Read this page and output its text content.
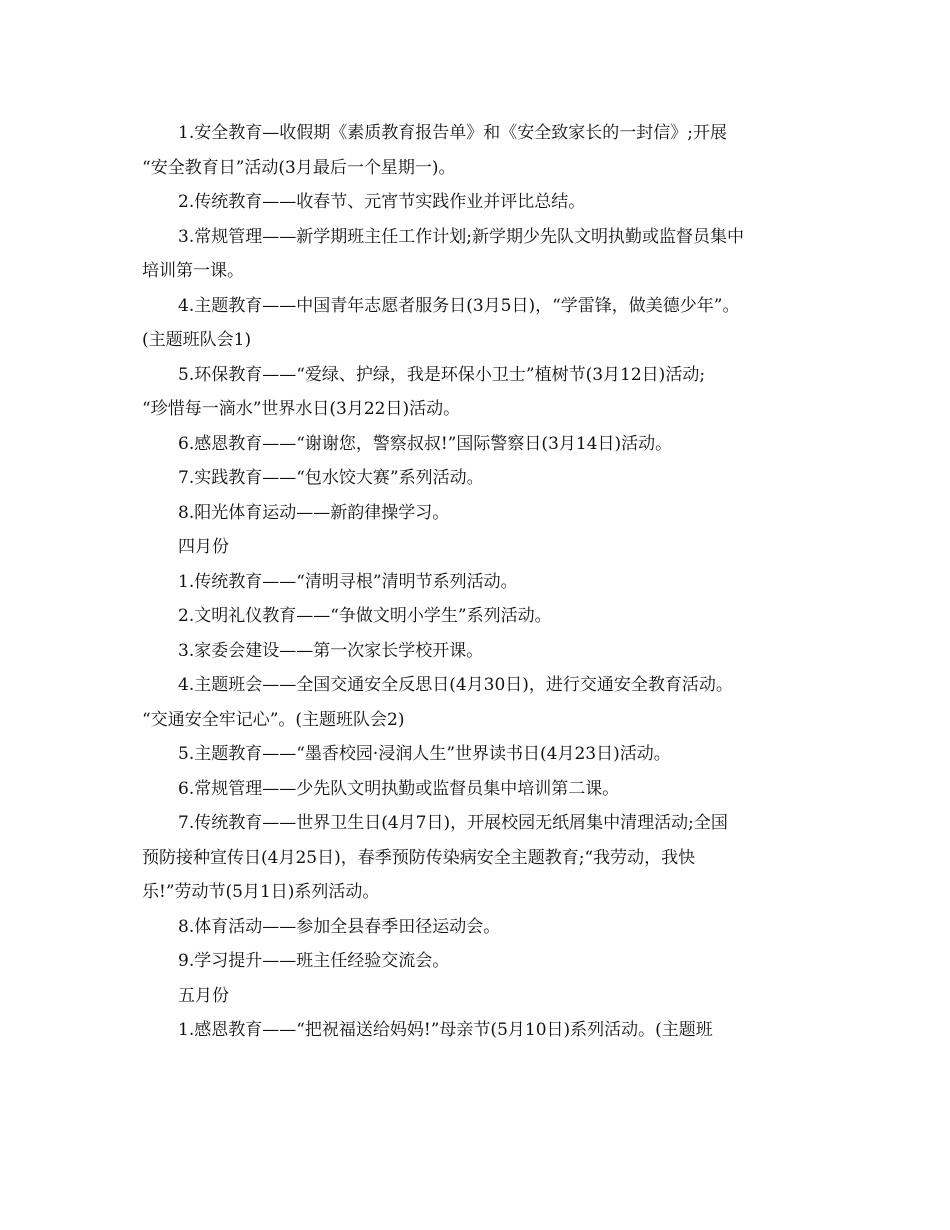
1.安全教育—收假期《素质教育报告单》和《安全致家长的一封信》;开展
“安全教育日”活动(3月最后一个星期一)。
2.传统教育——收春节、元宵节实践作业并评比总结。
3.常规管理——新学期班主任工作计划;新学期少先队文明执勤或监督员集中
培训第一课。
4.主题教育——中国青年志愿者服务日(3月5日)，“学雷锋，做美德少年”。
(主题班队会1)
5.环保教育——“爱绿、护绿，我是环保小卫士”植树节(3月12日)活动;
“珍惜每一滴水”世界水日(3月22日)活动。
6.感恩教育——“谢谢您，警察叔叔!”国际警察日(3月14日)活动。
7.实践教育——“包水饺大赛”系列活动。
8.阳光体育运动——新韵律操学习。
四月份
1.传统教育——“清明寻根”清明节系列活动。
2.文明礼仪教育——“争做文明小学生”系列活动。
3.家委会建设——第一次家长学校开课。
4.主题班会——全国交通安全反思日(4月30日)，进行交通安全教育活动。
“交通安全牢记心”。(主题班队会2)
5.主题教育——“墨香校园·浸润人生”世界读书日(4月23日)活动。
6.常规管理——少先队文明执勤或监督员集中培训第二课。
7.传统教育——世界卫生日(4月7日)，开展校园无纸屑集中清理活动;全国
预防接种宣传日(4月25日)，春季预防传染病安全主题教育;“我劳动，我快
乐!”劳动节(5月1日)系列活动。
8.体育活动——参加全县春季田径运动会。
9.学习提升——班主任经验交流会。
五月份
1.感恩教育——“把祝福送给妈妈!”母亲节(5月10日)系列活动。(主题班
